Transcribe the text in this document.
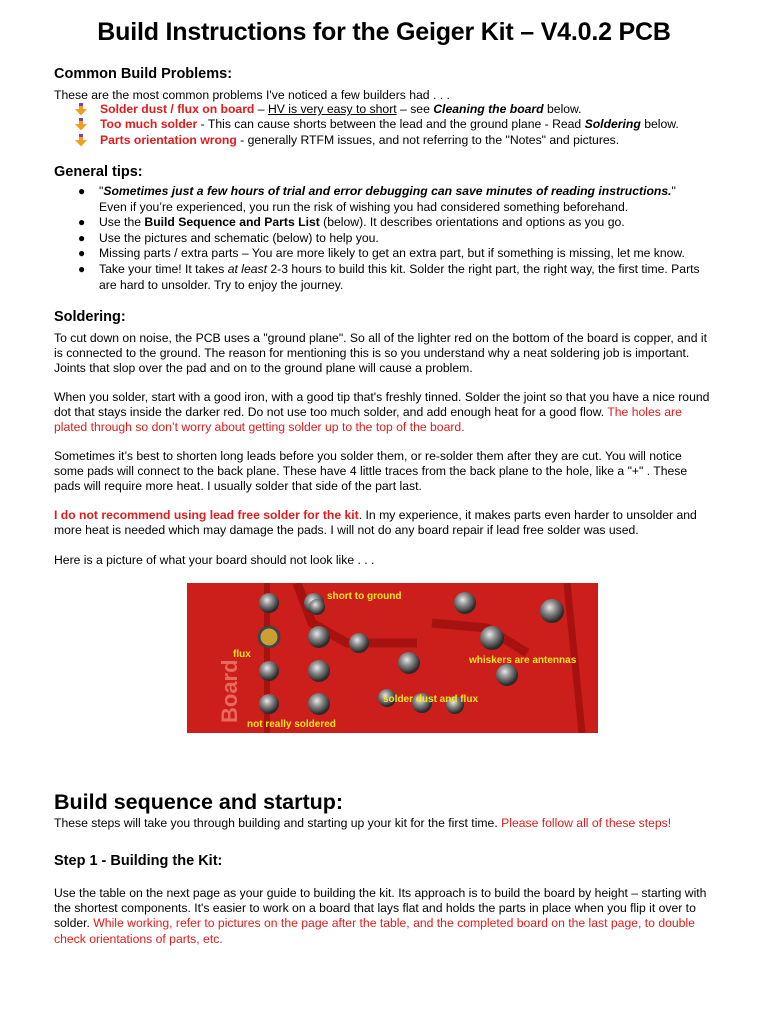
Build Instructions for the Geiger Kit – V4.0.2 PCB
Common Build Problems:
These are the most common problems I've noticed a few builders had . . .
Solder dust / flux on board – HV is very easy to short – see Cleaning the board below.
Too much solder - This can cause shorts between the lead and the ground plane - Read Soldering below.
Parts orientation wrong - generally RTFM issues, and not referring to the "Notes" and pictures.
General tips:
● "Sometimes just a few hours of trial and error debugging can save minutes of reading instructions."
Even if you’re experienced, you run the risk of wishing you had considered something beforehand.
● Use the Build Sequence and Parts List (below). It describes orientations and options as you go.
● Use the pictures and schematic (below) to help you.
● Missing parts / extra parts – You are more likely to get an extra part, but if something is missing, let me know.
● Take your time! It takes at least 2-3 hours to build this kit. Solder the right part, the right way, the first time. Parts
are hard to unsolder. Try to enjoy the journey.
Soldering:
To cut down on noise, the PCB uses a "ground plane". So all of the lighter red on the bottom of the board is copper, and it
is connected to the ground. The reason for mentioning this is so you understand why a neat soldering job is important.
Joints that slop over the pad and on to the ground plane will cause a problem.
When you solder, start with a good iron, with a good tip that's freshly tinned. Solder the joint so that you have a nice round
dot that stays inside the darker red. Do not use too much solder, and add enough heat for a good flow. The holes are
plated through so don’t worry about getting solder up to the top of the board.
Sometimes it’s best to shorten long leads before you solder them, or re-solder them after they are cut. You will notice
some pads will connect to the back plane. These have 4 little traces from the back plane to the hole, like a "+" . These
pads will require more heat. I usually solder that side of the part last.
I do not recommend using lead free solder for the kit. In my experience, it makes parts even harder to unsolder and
more heat is needed which may damage the pads. I will not do any board repair if lead free solder was used.
Here is a picture of what your board should not look like . . .
Board
short to ground
flux
whiskers are antennas
solder dust and flux
not really soldered
Build sequence and startup:
These steps will take you through building and starting up your kit for the first time. Please follow all of these steps!
Step 1 - Building the Kit:
Use the table on the next page as your guide to building the kit. Its approach is to build the board by height – starting with
the shortest components. It's easier to work on a board that lays flat and holds the parts in place when you flip it over to
solder. While working, refer to pictures on the page after the table, and the completed board on the last page, to double
check orientations of parts, etc.
